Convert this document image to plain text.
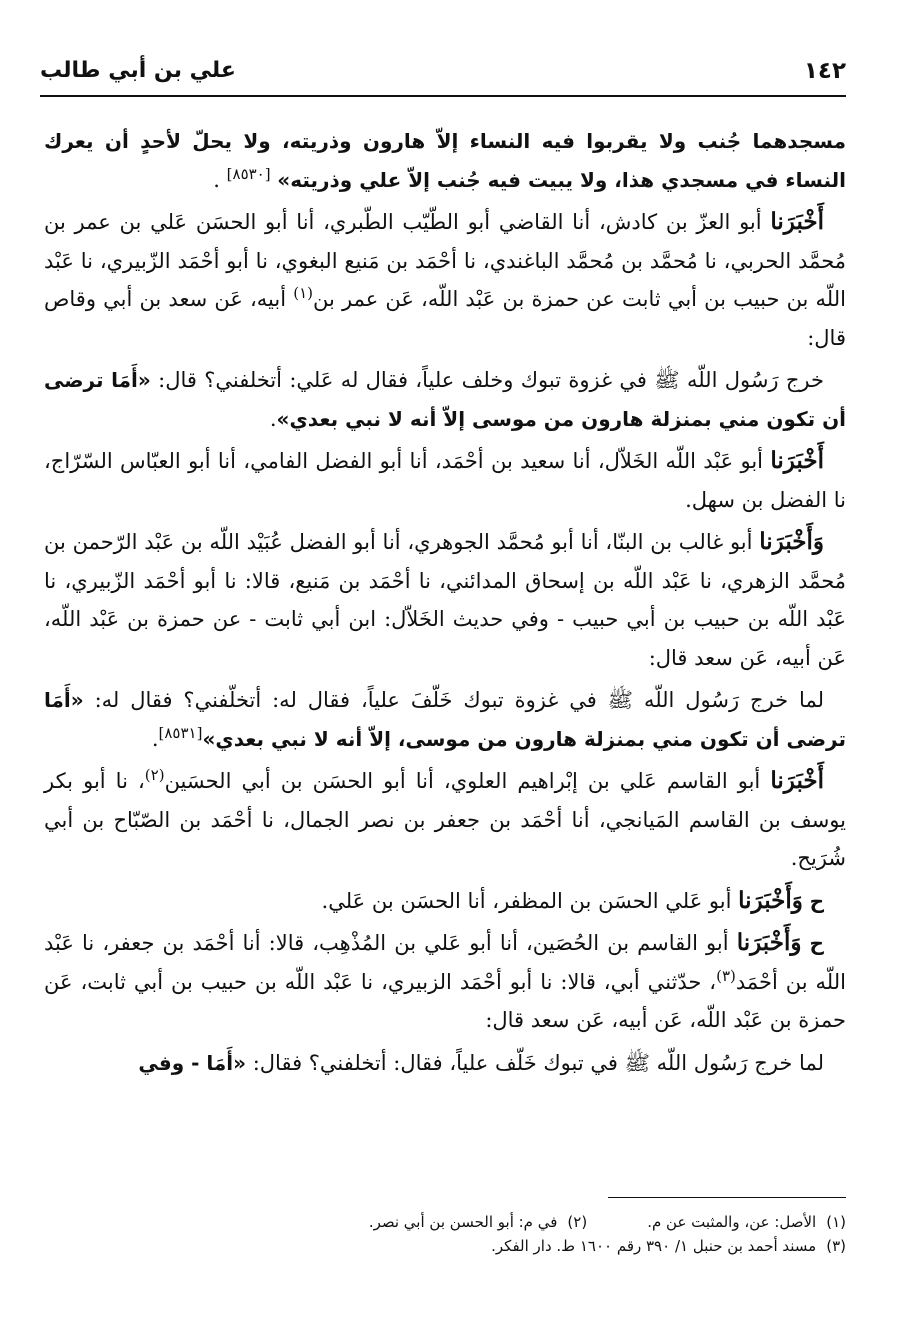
١٤٢
علي بن أبي طالب

مسجدهما جُنب ولا يقربوا فيه النساء إلاّ هارون وذريته، ولا يحلّ لأحدٍ أن يعرك النساء في مسجدي هذا، ولا يبيت فيه جُنب إلاّ علي وذريته» [٨٥٣٠] .

أَخْبَرَنا أبو العزّ بن كادش، أنا القاضي أبو الطّيّب الطّبري، أنا أبو الحسَن عَلي بن عمر بن مُحمَّد الحربي، نا مُحمَّد بن مُحمَّد الباغندي، نا أحْمَد بن مَنيع البغوي، نا أبو أحْمَد الزّبيري، نا عَبْد اللّه بن حبيب بن أبي ثابت عن حمزة بن عَبْد اللّه، عَن عمر بن$^{(١)}$ أبيه، عَن سعد بن أبي وقاص قال:

خرج رَسُول اللّه ﷺ في غزوة تبوك وخلف علياً، فقال له عَلي: أتخلفني؟ قال: «أَمَا ترضى أن تكون مني بمنزلة هارون من موسى إلاّ أنه لا نبي بعدي».

أَخْبَرَنا أبو عَبْد اللّه الخَلاّل، أنا سعيد بن أحْمَد، أنا أبو الفضل الفامي، أنا أبو العبّاس السّرّاج، نا الفضل بن سهل.

وَأَخْبَرَنا أبو غالب بن البنّا، أنا أبو مُحمَّد الجوهري، أنا أبو الفضل عُبَيْد اللّه بن عَبْد الرّحمن بن مُحمَّد الزهري، نا عَبْد اللّه بن إسحاق المدائني، نا أحْمَد بن مَنيع، قالا: نا أبو أحْمَد الزّبيري، نا عَبْد اللّه بن حبيب بن أبي حبيب - وفي حديث الخَلاّل: ابن أبي ثابت - عن حمزة بن عَبْد اللّه، عَن أبيه، عَن سعد قال:

لما خرج رَسُول اللّه ﷺ في غزوة تبوك خَلّفَ علياً، فقال له: أتخلّفني؟ فقال له: «أَمَا ترضى أن تكون مني بمنزلة هارون من موسى، إلاّ أنه لا نبي بعدي»[٨٥٣١].

أَخْبَرَنا أبو القاسم عَلي بن إبْراهيم العلوي، أنا أبو الحسَن بن أبي الحسَين$^{(٢)}$، نا أبو بكر يوسف بن القاسم المَيانجي، أنا أحْمَد بن جعفر بن نصر الجمال، نا أحْمَد بن الصّبّاح بن أبي شُرَيح.

ح وَأَخْبَرَنا أبو عَلي الحسَن بن المظفر، أنا الحسَن بن عَلي.

ح وَأَخْبَرَنا أبو القاسم بن الحُصَين، أنا أبو عَلي بن المُذْهِب، قالا: أنا أحْمَد بن جعفر، نا عَبْد اللّه بن أحْمَد$^{(٣)}$، حدّثني أبي، قالا: نا أبو أحْمَد الزبيري، نا عَبْد اللّه بن حبيب بن أبي ثابت، عَن حمزة بن عَبْد اللّه، عَن أبيه، عَن سعد قال:

لما خرج رَسُول اللّه ﷺ في تبوك خَلّف علياً، فقال: أتخلفني؟ فقال: «أَمَا - وفي

(١)الأصل: عن، والمثبت عن م.
(٢)في م: أبو الحسن بن أبي نصر.
(٣)مسند أحمد بن حنبل ١/ ٣٩٠ رقم ١٦٠٠ ط. دار الفكر.
